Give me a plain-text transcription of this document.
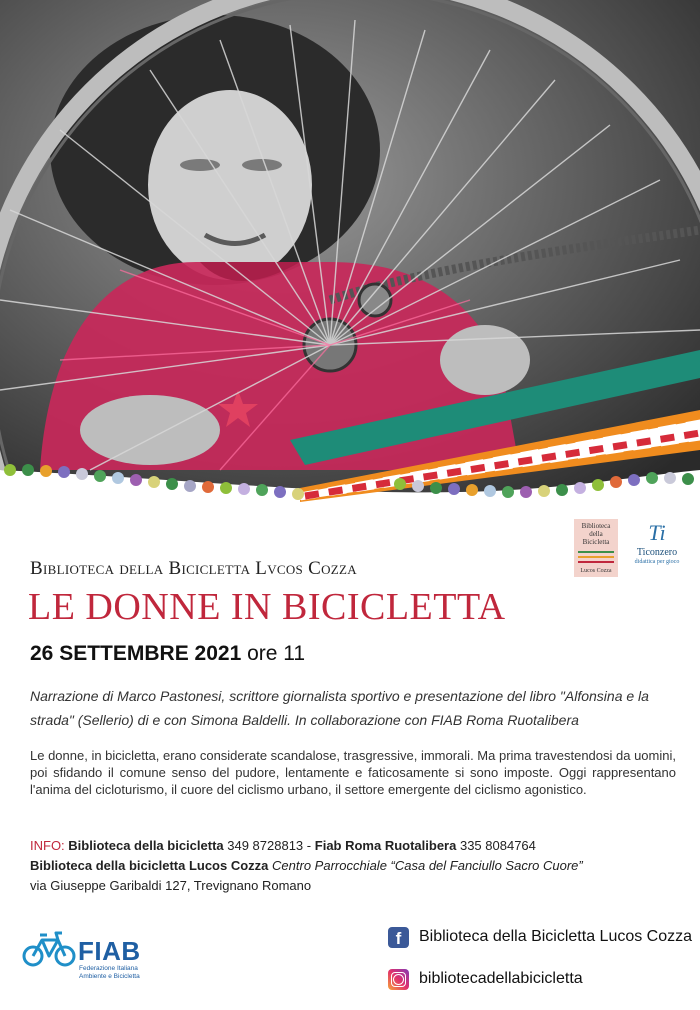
Biblioteca
della
Bicicletta
Lucos Cozza
Ti
Ticonzero
didattica per gioco
Biblioteca della Bicicletta Lvcos Cozza
LE DONNE IN BICICLETTA
26 SETTEMBRE 2021 ore 11
Narrazione di Marco Pastonesi, scrittore giornalista sportivo e presentazione del libro "Alfonsina e la strada" (Sellerio) di e con Simona Baldelli. In collaborazione con FIAB Roma Ruotalibera
Le donne, in bicicletta, erano considerate scandalose, trasgressive, immorali. Ma prima travestendosi da uomini, poi sfidando il comune senso del pudore, lentamente e faticosamente si sono imposte. Oggi rappresentano l'anima del cicloturismo, il cuore del ciclismo urbano, il settore emergente del ciclismo agonistico.
INFO: Biblioteca della bicicletta 349 8728813 - Fiab Roma Ruotalibera 335 8084764
Biblioteca della bicicletta Lucos Cozza Centro Parrocchiale “Casa del Fanciullo Sacro Cuore”
via Giuseppe Garibaldi 127, Trevignano Romano
FIAB
Federazione Italiana
Ambiente e Bicicletta
f	Biblioteca della Bicicletta Lucos Cozza
bibliotecadellabicicletta
